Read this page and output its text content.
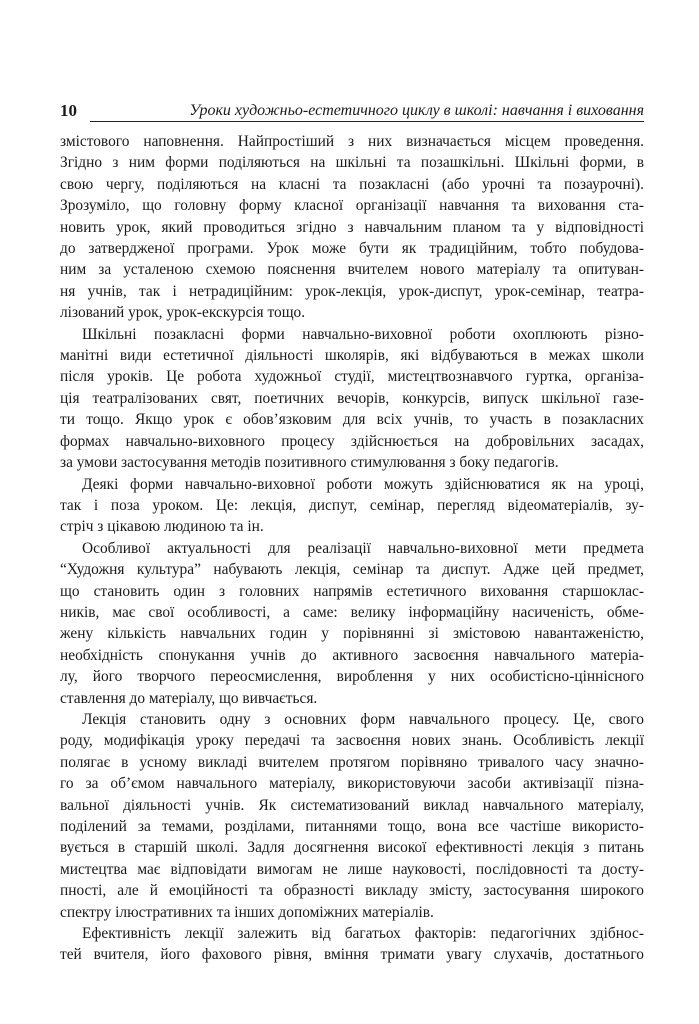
10	Уроки художньо-естетичного циклу в школі: навчання і виховання

змістового наповнення. Найпростіший з них визначається місцем проведення.
Згідно з ним форми поділяються на шкільні та позашкільні. Шкільні форми, в
свою чергу, поділяються на класні та позакласні (або урочні та позаурочні).
Зрозуміло, що головну форму класної організації навчання та виховання ста-
новить урок, який проводиться згідно з навчальним планом та у відповідності
до затвердженої програми. Урок може бути як традиційним, тобто побудова-
ним за усталеною схемою пояснення вчителем нового матеріалу та опитуван-
ня учнів, так і нетрадиційним: урок-лекція, урок-диспут, урок-семінар, театра-
лізований урок, урок-екскурсія тощо.

Шкільні позакласні форми навчально-виховної роботи охоплюють різно-
манітні види естетичної діяльності школярів, які відбуваються в межах школи
після уроків. Це робота художньої студії, мистецтвознавчого гуртка, організа-
ція театралізованих свят, поетичних вечорів, конкурсів, випуск шкільної газе-
ти тощо. Якщо урок є обов’язковим для всіх учнів, то участь в позакласних
формах навчально-виховного процесу здійснюється на добровільних засадах,
за умови застосування методів позитивного стимулювання з боку педагогів.

Деякі форми навчально-виховної роботи можуть здійснюватися як на уроці,
так і поза уроком. Це: лекція, диспут, семінар, перегляд відеоматеріалів, зу-
стріч з цікавою людиною та ін.

Особливої актуальності для реалізації навчально-виховної мети предмета
“Художня культура” набувають лекція, семінар та диспут. Адже цей предмет,
що становить один з головних напрямів естетичного виховання старшоклас-
ників, має свої особливості, а саме: велику інформаційну насиченість, обме-
жену кількість навчальних годин у порівнянні зі змістовою навантаженістю,
необхідність спонукання учнів до активного засвоєння навчального матеріа-
лу, його творчого переосмислення, вироблення у них особистісно-ціннісного
ставлення до матеріалу, що вивчається.

Лекція становить одну з основних форм навчального процесу. Це, свого
роду, модифікація уроку передачі та засвоєння нових знань. Особливість лекції
полягає в усному викладі вчителем протягом порівняно тривалого часу значно-
го за об’ємом навчального матеріалу, використовуючи засоби активізації пізна-
вальної діяльності учнів. Як систематизований виклад навчального матеріалу,
поділений за темами, розділами, питаннями тощо, вона все частіше використо-
вується в старшій школі. Задля досягнення високої ефективності лекція з питань
мистецтва має відповідати вимогам не лише науковості, послідовності та досту-
пності, але й емоційності та образності викладу змісту, застосування широкого
спектру ілюстративних та інших допоміжних матеріалів.

Ефективність лекції залежить від багатьох факторів: педагогічних здібнос-
тей вчителя, його фахового рівня, вміння тримати увагу слухачів, достатнього
